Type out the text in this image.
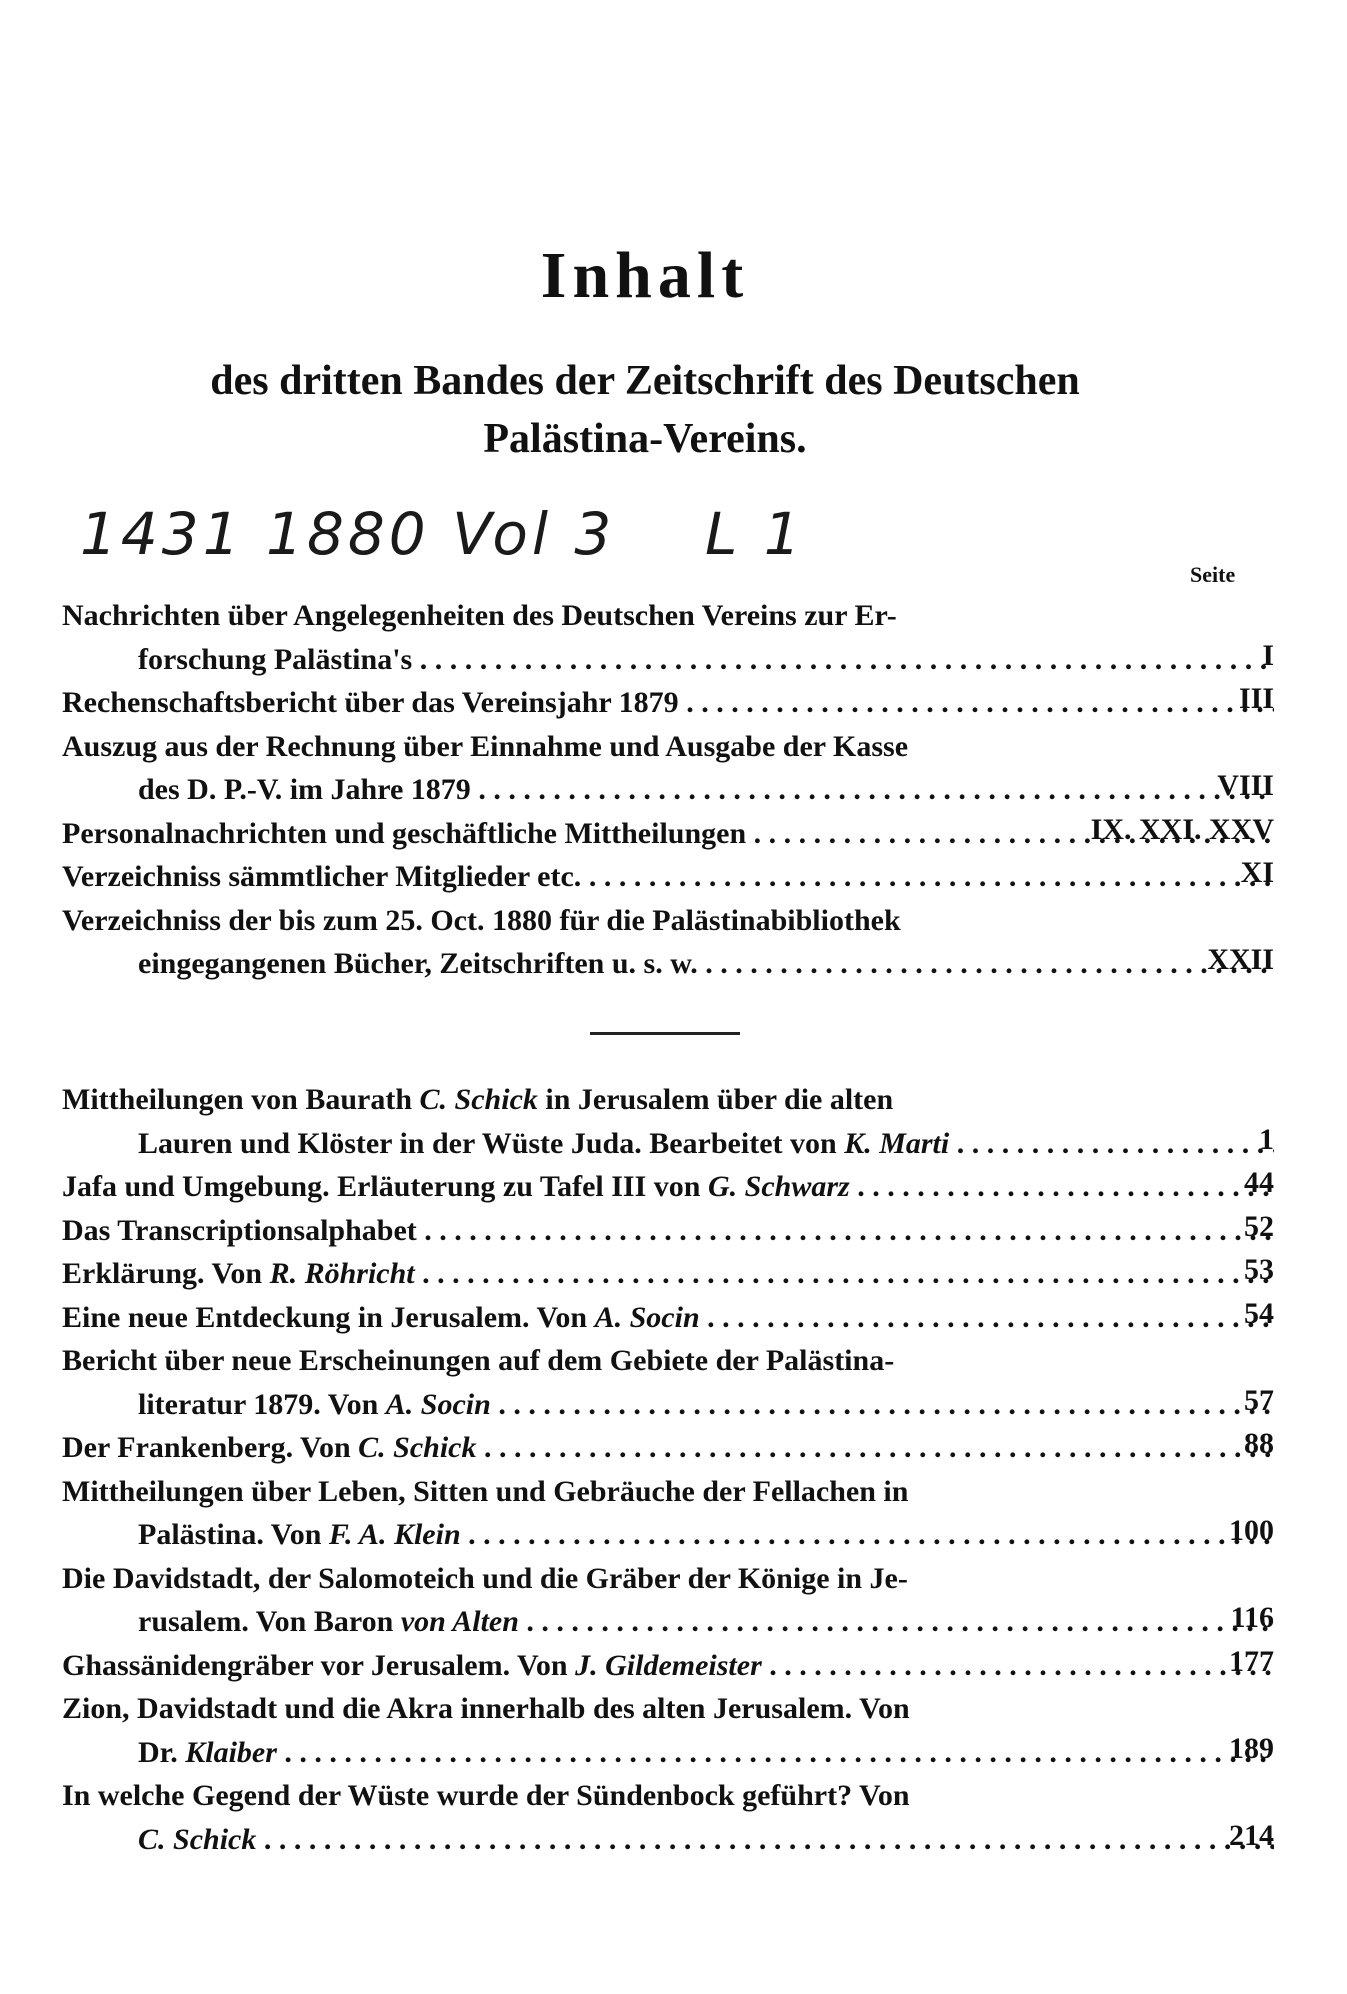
Inhalt
des dritten Bandes der Zeitschrift des Deutschen
Palästina-Vereins.
1431 1880 Vol 3    L 1
Seite
Nachrichten über Angelegenheiten des Deutschen Vereins zur Er-
forschung Palästina's . . .	I
Rechenschaftsbericht über das Vereinsjahr 1879 . . .	III
Auszug aus der Rechnung über Einnahme und Ausgabe der Kasse
des D. P.-V. im Jahre 1879 . . .	VIII
Personalnachrichten und geschäftliche Mittheilungen . . .	IX. XXI. XXV
Verzeichniss sämmtlicher Mitglieder etc. . . .	XI
Verzeichniss der bis zum 25. Oct. 1880 für die Palästinabibliothek
eingegangenen Bücher, Zeitschriften u. s. w. . . .	XXII
Mittheilungen von Baurath C. Schick in Jerusalem über die alten
Lauren und Klöster in der Wüste Juda. Bearbeitet von K. Marti . . .	1
Jafa und Umgebung. Erläuterung zu Tafel III von G. Schwarz . . .	44
Das Transcriptionsalphabet . . .	52
Erklärung. Von R. Röhricht . . .	53
Eine neue Entdeckung in Jerusalem. Von A. Socin . . .	54
Bericht über neue Erscheinungen auf dem Gebiete der Palästina-
literatur 1879. Von A. Socin . . .	57
Der Frankenberg. Von C. Schick . . .	88
Mittheilungen über Leben, Sitten und Gebräuche der Fellachen in
Palästina. Von F. A. Klein . . .	100
Die Davidstadt, der Salomoteich und die Gräber der Könige in Je-
rusalem. Von Baron von Alten . . .	116
Ghassänidengräber vor Jerusalem. Von J. Gildemeister . . .	177
Zion, Davidstadt und die Akra innerhalb des alten Jerusalem. Von
Dr. Klaiber . . .	189
In welche Gegend der Wüste wurde der Sündenbock geführt? Von
C. Schick . . .	214
